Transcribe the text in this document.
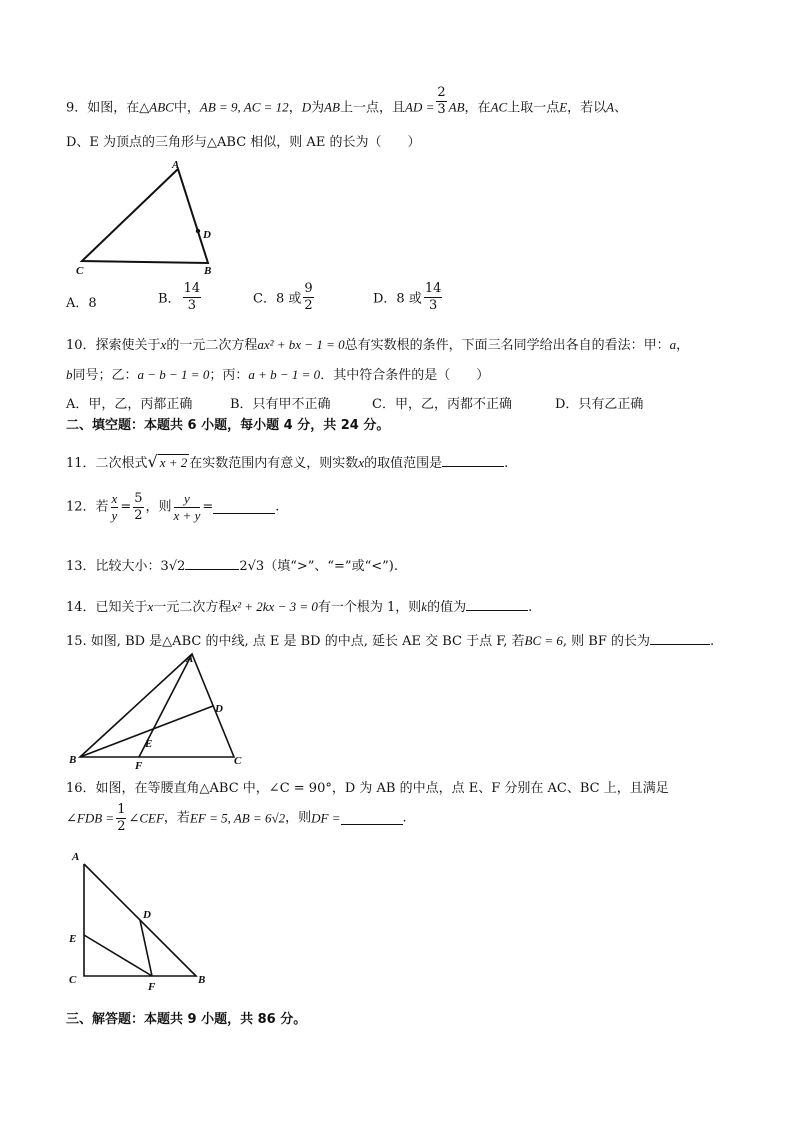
9．如图，在△ABC中，AB = 9, AC = 12，D为AB上一点，且AD = $\frac{2}{3}$ AB，在AC上取一点E，若以A、
D、E 为顶点的三角形与△ABC 相似，则 AE 的长为（　　）
A
D
C	B
A．8	B． $\frac{14}{3}$	C．8 或 $\frac{9}{2}$	D．8 或 $\frac{14}{3}$
10．探索使关于x的一元二次方程ax² + bx − 1 = 0总有实数根的条件，下面三名同学给出各自的看法：甲：a，
b同号；乙：a − b − 1 = 0；丙：a + b − 1 = 0．其中符合条件的是（　　）
A．甲，乙，丙都正确	B．只有甲不正确	C．甲，乙，丙都不正确	D．只有乙正确
二、填空题：本题共 6 小题，每小题 4 分，共 24 分。
11．二次根式√ x + 2 在实数范围内有意义，则实数x的取值范围是	.
12．若 $\frac{x}{y} = \frac{5}{2}$ ，则 $\frac{y}{x + y}$ =	.
13．比较大小：3√2	2√3（填“>”、“=”或“<”).
14．已知关于x一元二次方程x² + 2kx − 3 = 0有一个根为 1，则k的值为	.
15. 如图, BD 是△ABC 的中线, 点 E 是 BD 的中点, 延长 AE 交 BC 于点 F, 若BC = 6, 则 BF 的长为	.
A
D
E
B	F	C
16．如图，在等腰直角△ABC 中，∠C = 90°，D 为 AB 的中点，点 E、F 分别在 AC、BC 上，且满足
∠FDB = $\frac{1}{2}$ ∠CEF，若EF = 5, AB = 6√2，则DF =	.
A
D
E
C
F
B
三、解答题：本题共 9 小题，共 86 分。
